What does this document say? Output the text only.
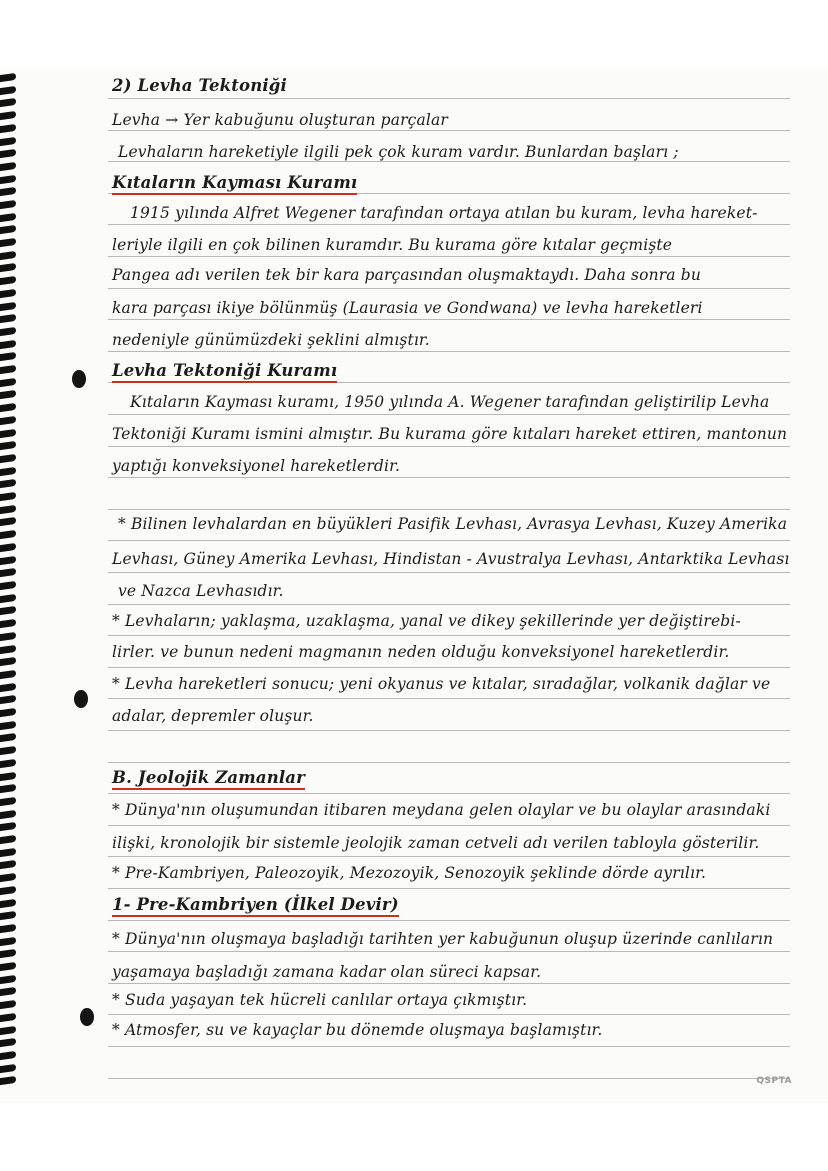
2) Levha Tektoniği
Levha → Yer kabuğunu oluşturan parçalar
Levhaların hareketiyle ilgili pek çok kuram vardır. Bunlardan başları ;
Kıtaların Kayması Kuramı
1915 yılında Alfret Wegener tarafından ortaya atılan bu kuram, levha hareket-
leriyle ilgili en çok bilinen kuramdır. Bu kurama göre kıtalar geçmişte
Pangea adı verilen tek bir kara parçasından oluşmaktaydı. Daha sonra bu
kara parçası ikiye bölünmüş (Laurasia ve Gondwana) ve levha hareketleri
nedeniyle günümüzdeki şeklini almıştır.
Levha Tektoniği Kuramı
Kıtaların Kayması kuramı, 1950 yılında A. Wegener tarafından geliştirilip Levha
Tektoniği Kuramı ismini almıştır. Bu kurama göre kıtaları hareket ettiren, mantonun
yaptığı konveksiyonel hareketlerdir.
* Bilinen levhalardan en büyükleri Pasifik Levhası, Avrasya Levhası, Kuzey Amerika
Levhası, Güney Amerika Levhası, Hindistan - Avustralya Levhası, Antarktika Levhası
ve Nazca Levhasıdır.
* Levhaların; yaklaşma, uzaklaşma, yanal ve dikey şekillerinde yer değiştirebi-
lirler. ve bunun nedeni magmanın neden olduğu konveksiyonel hareketlerdir.
* Levha hareketleri sonucu; yeni okyanus ve kıtalar, sıradağlar, volkanik dağlar ve
adalar, depremler oluşur.
B. Jeolojik Zamanlar
* Dünya'nın oluşumundan itibaren meydana gelen olaylar ve bu olaylar arasındaki
ilişki, kronolojik bir sistemle jeolojik zaman cetveli adı verilen tabloyla gösterilir.
* Pre-Kambriyen, Paleozoyik, Mezozoyik, Senozoyik şeklinde dörde ayrılır.
1- Pre-Kambriyen (İlkel Devir)
* Dünya'nın oluşmaya başladığı tarihten yer kabuğunun oluşup üzerinde canlıların
yaşamaya başladığı zamana kadar olan süreci kapsar.
* Suda yaşayan tek hücreli canlılar ortaya çıkmıştır.
* Atmosfer, su ve kayaçlar bu dönemde oluşmaya başlamıştır.
QSPTA
